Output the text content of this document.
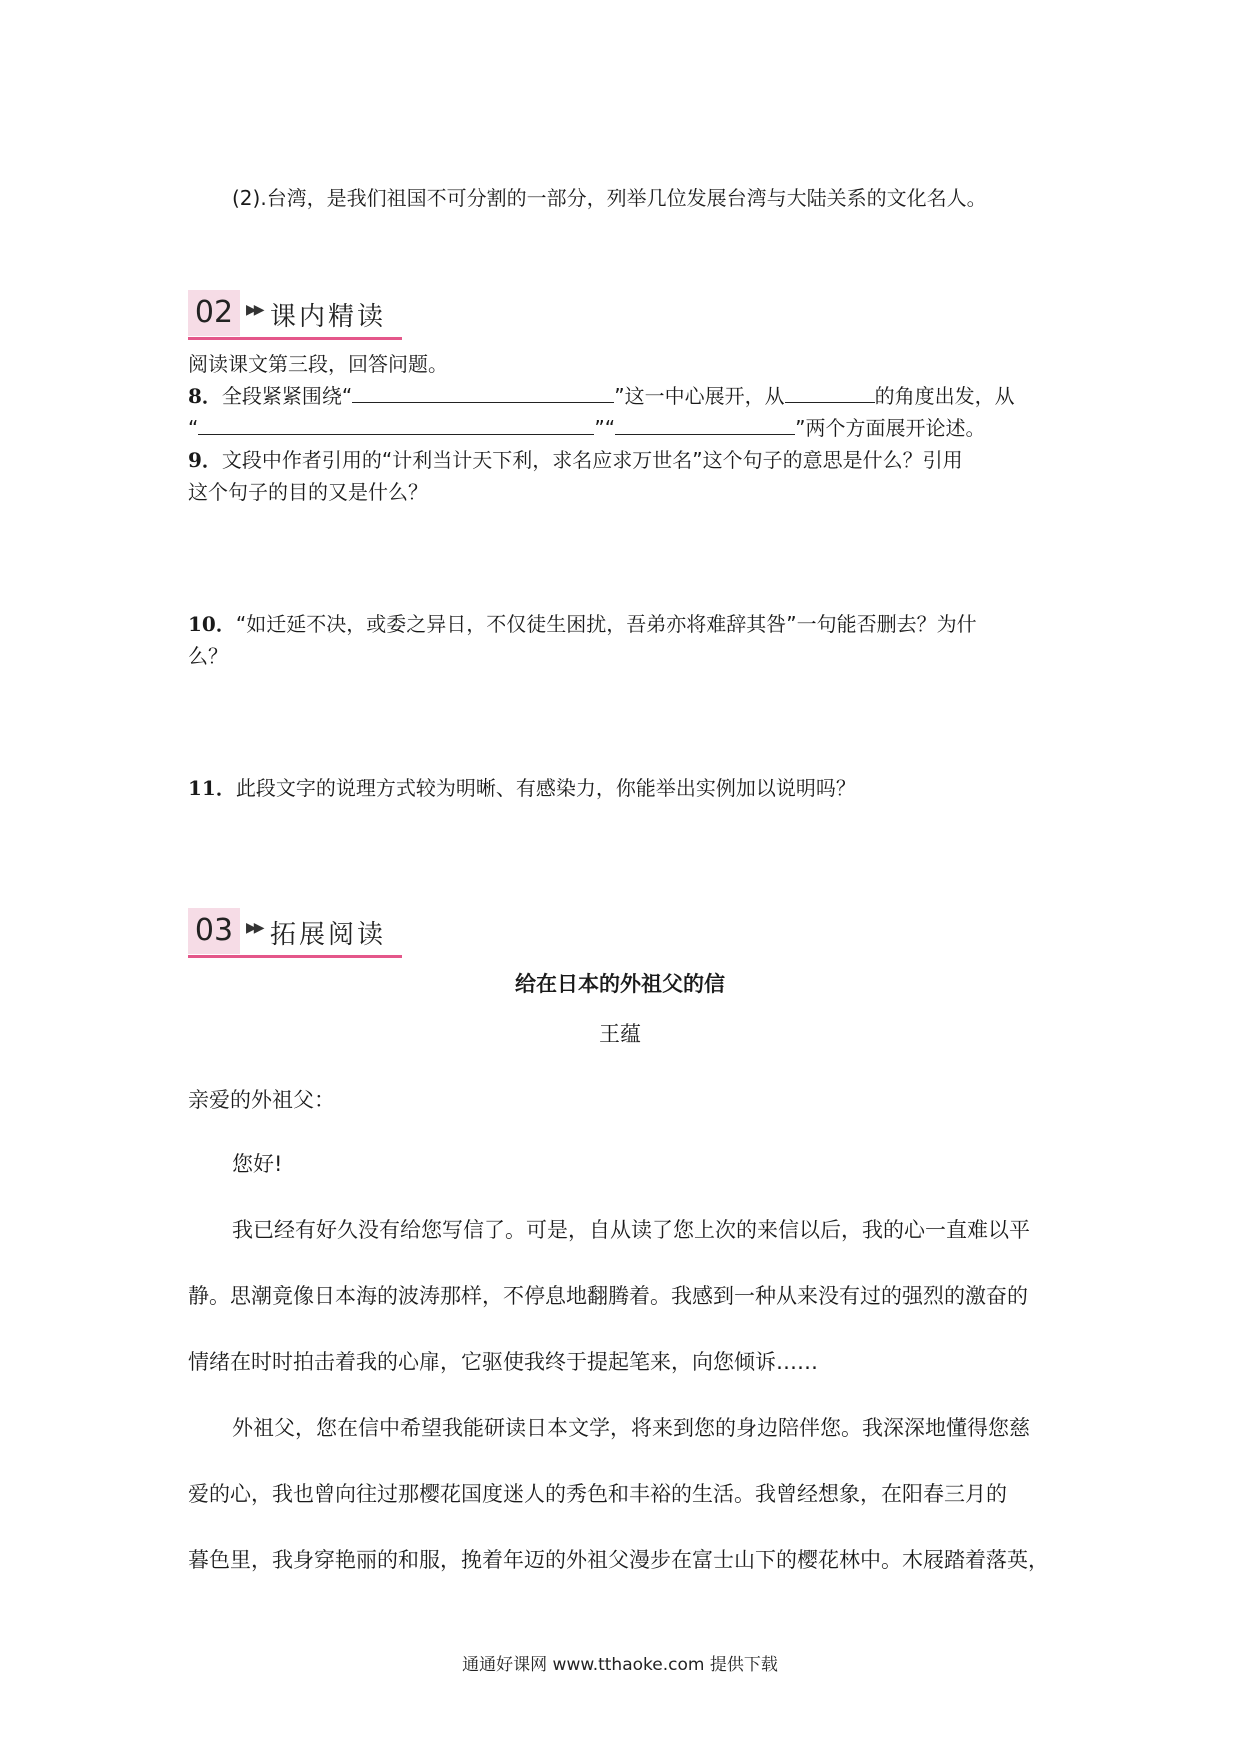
(2).台湾，是我们祖国不可分割的一部分，列举几位发展台湾与大陆关系的文化名人。
02 ▶▶ 课内精读
阅读课文第三段，回答问题。
8．全段紧紧围绕“	”这一中心展开，从	的角度出发，从
“	”“	”两个方面展开论述。
9．文段中作者引用的“计利当计天下利，求名应求万世名”这个句子的意思是什么？引用
这个句子的目的又是什么？
10．“如迁延不决，或委之异日，不仅徒生困扰，吾弟亦将难辞其咎”一句能否删去？为什
么？
11．此段文字的说理方式较为明晰、有感染力，你能举出实例加以说明吗？
03 ▶▶ 拓展阅读
给在日本的外祖父的信
王蕴
亲爱的外祖父：
您好!
我已经有好久没有给您写信了。可是，自从读了您上次的来信以后，我的心一直难以平
静。思潮竟像日本海的波涛那样，不停息地翻腾着。我感到一种从来没有过的强烈的激奋的
情绪在时时拍击着我的心扉，它驱使我终于提起笔来，向您倾诉……
外祖父，您在信中希望我能研读日本文学，将来到您的身边陪伴您。我深深地懂得您慈
爱的心，我也曾向往过那樱花国度迷人的秀色和丰裕的生活。我曾经想象，在阳春三月的
暮色里，我身穿艳丽的和服，挽着年迈的外祖父漫步在富士山下的樱花林中。木屐踏着落英，
通通好课网 www.tthaoke.com 提供下载
